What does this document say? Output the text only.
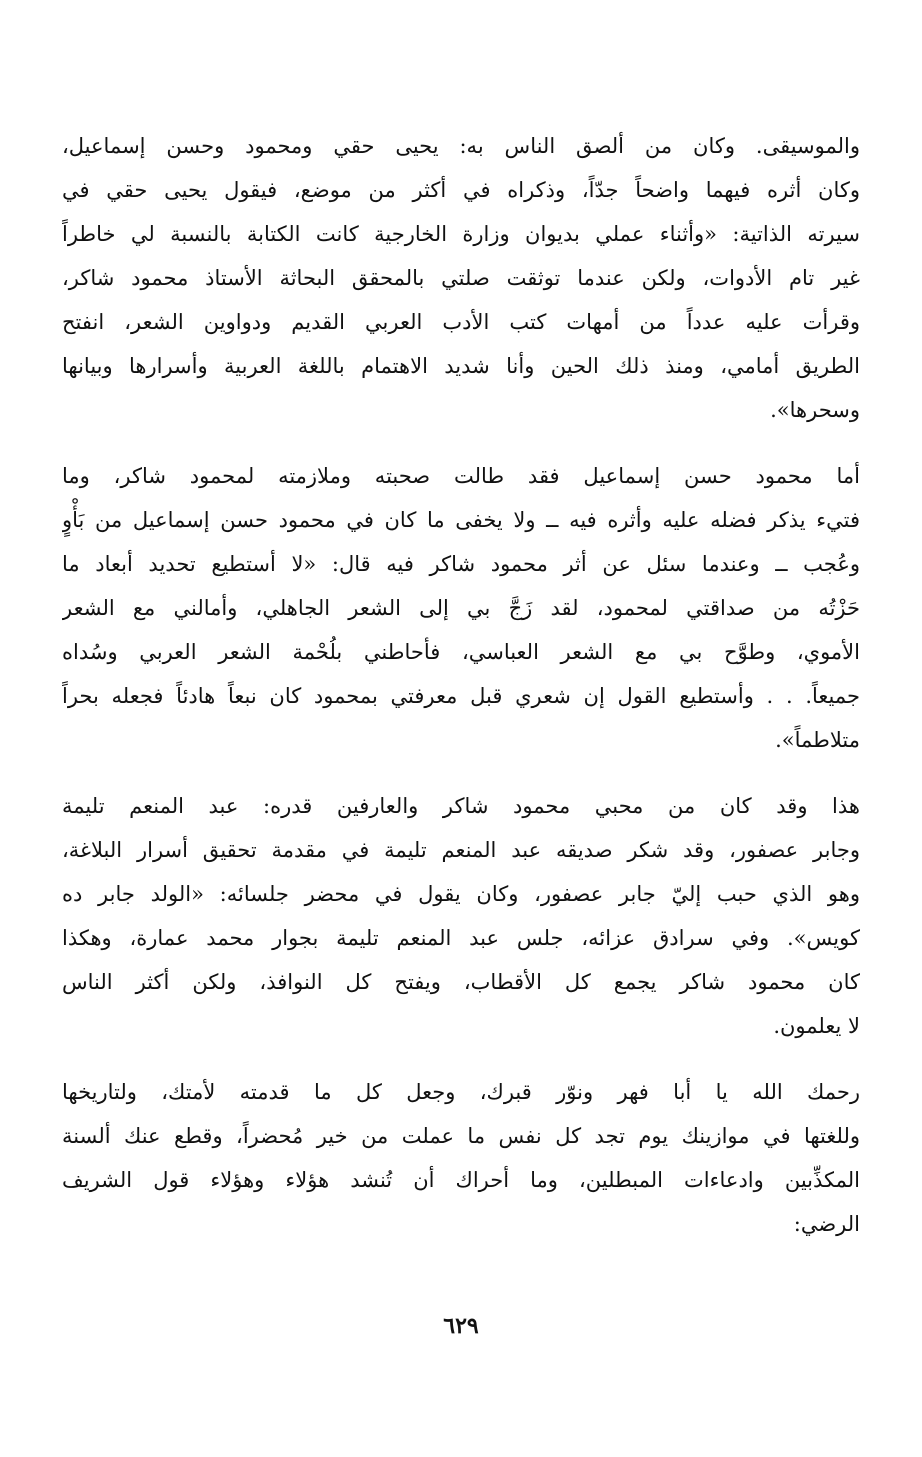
والموسيقى. وكان من ألصق الناس به: يحيى حقي ومحمود وحسن إسماعيل،
وكان أثره فيهما واضحاً جدّاً، وذكراه في أكثر من موضع، فيقول يحيى حقي في
سيرته الذاتية: «وأثناء عملي بديوان وزارة الخارجية كانت الكتابة بالنسبة لي خاطراً
غير تام الأدوات، ولكن عندما توثقت صلتي بالمحقق البحاثة الأستاذ محمود شاكر،
وقرأت عليه عدداً من أمهات كتب الأدب العربي القديم ودواوين الشعر، انفتح
الطريق أمامي، ومنذ ذلك الحين وأنا شديد الاهتمام باللغة العربية وأسرارها وبيانها
وسحرها».
أما محمود حسن إسماعيل فقد طالت صحبته وملازمته لمحمود شاكر، وما
فتيء يذكر فضله عليه وأثره فيه ــ ولا يخفى ما كان في محمود حسن إسماعيل من بَأْوٍ
وعُجب ــ وعندما سئل عن أثر محمود شاكر فيه قال: «لا أستطيع تحديد أبعاد ما
حَزْتُه من صداقتي لمحمود، لقد زَجَّ بي إلى الشعر الجاهلي، وأمالني مع الشعر
الأموي، وطوَّح بي مع الشعر العباسي، فأحاطني بلُحْمة الشعر العربي وسُداه
جميعاً. . . وأستطيع القول إن شعري قبل معرفتي بمحمود كان نبعاً هادئاً فجعله بحراً
متلاطماً».
هذا وقد كان من محبي محمود شاكر والعارفين قدره: عبد المنعم تليمة
وجابر عصفور، وقد شكر صديقه عبد المنعم تليمة في مقدمة تحقيق أسرار البلاغة،
وهو الذي حبب إليّ جابر عصفور، وكان يقول في محضر جلسائه: «الولد جابر ده
كويس». وفي سرادق عزائه، جلس عبد المنعم تليمة بجوار محمد عمارة، وهكذا
كان محمود شاكر يجمع كل الأقطاب، ويفتح كل النوافذ، ولكن أكثر الناس
لا يعلمون.
رحمك الله يا أبا فهر ونوّر قبرك، وجعل كل ما قدمته لأمتك، ولتاريخها
وللغتها في موازينك يوم تجد كل نفس ما عملت من خير مُحضراً، وقطع عنك ألسنة
المكذِّبين وادعاءات المبطلين، وما أحراك أن تُنشد هؤلاء وهؤلاء قول الشريف
الرضي:
٦٢٩
